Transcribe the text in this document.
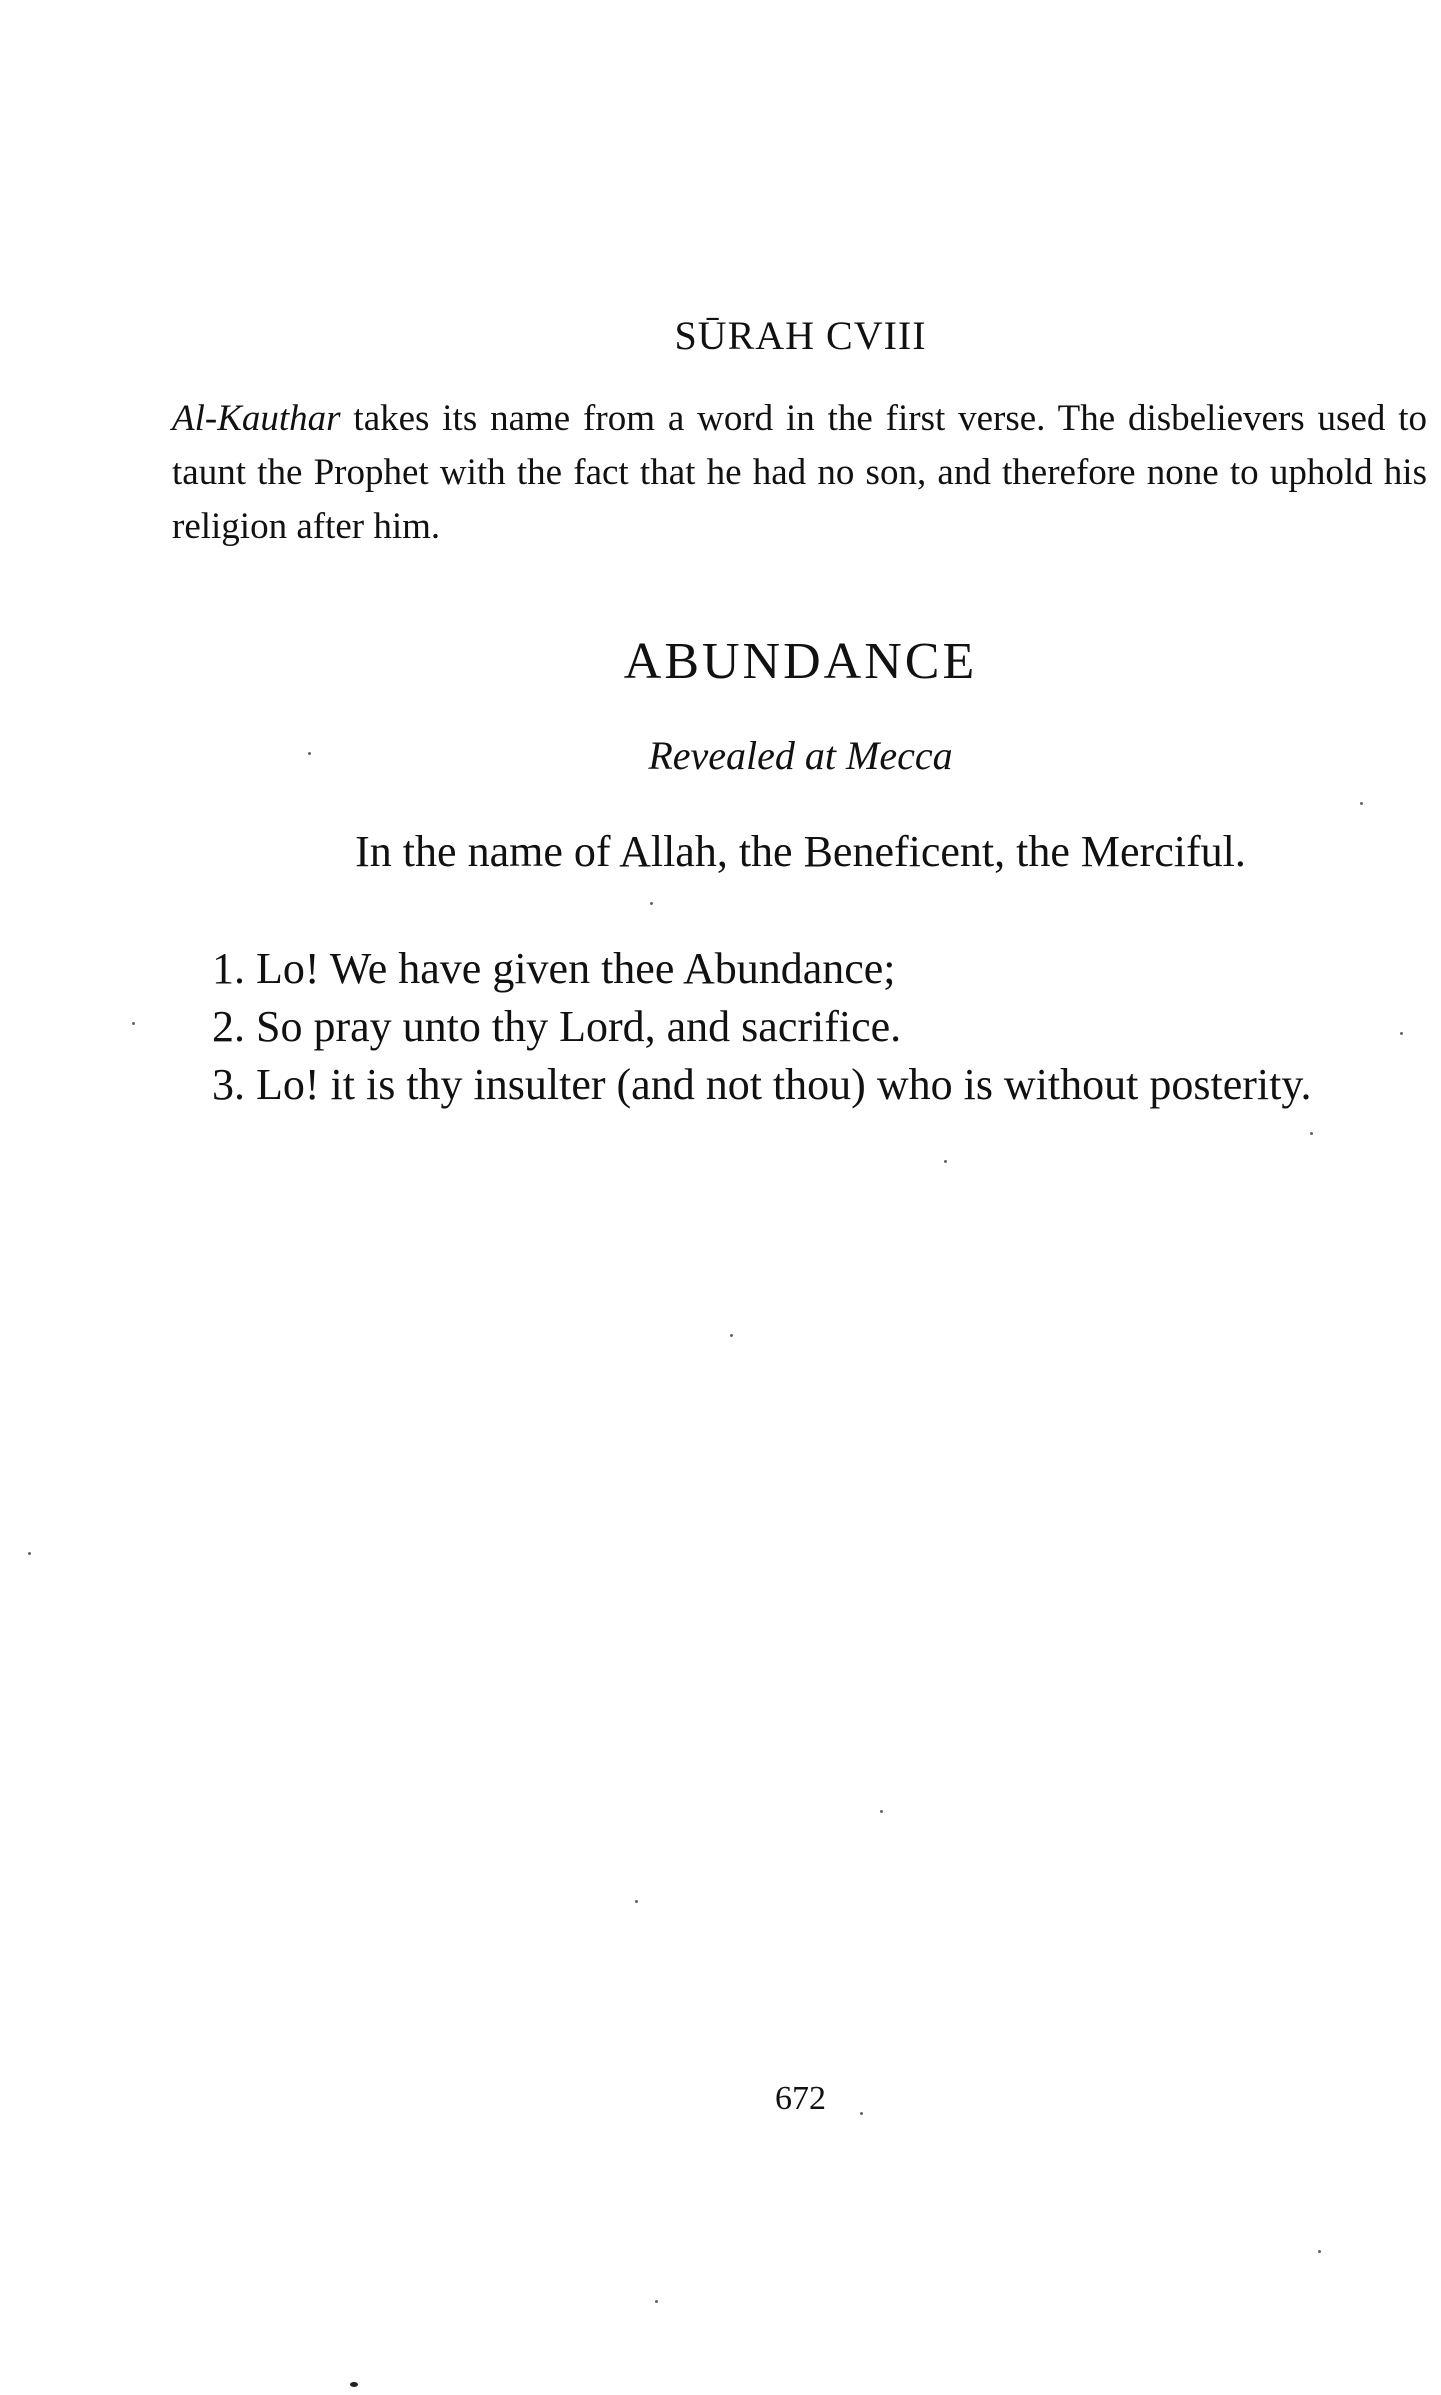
SŪRAH CVIII
Al-Kauthar takes its name from a word in the first verse. The disbelievers used to taunt the Prophet with the fact that he had no son, and therefore none to uphold his religion after him.
ABUNDANCE
Revealed at Mecca
In the name of Allah, the Beneficent, the Merciful.
1. Lo! We have given thee Abundance;
2. So pray unto thy Lord, and sacrifice.
3. Lo! it is thy insulter (and not thou) who is without posterity.
672
